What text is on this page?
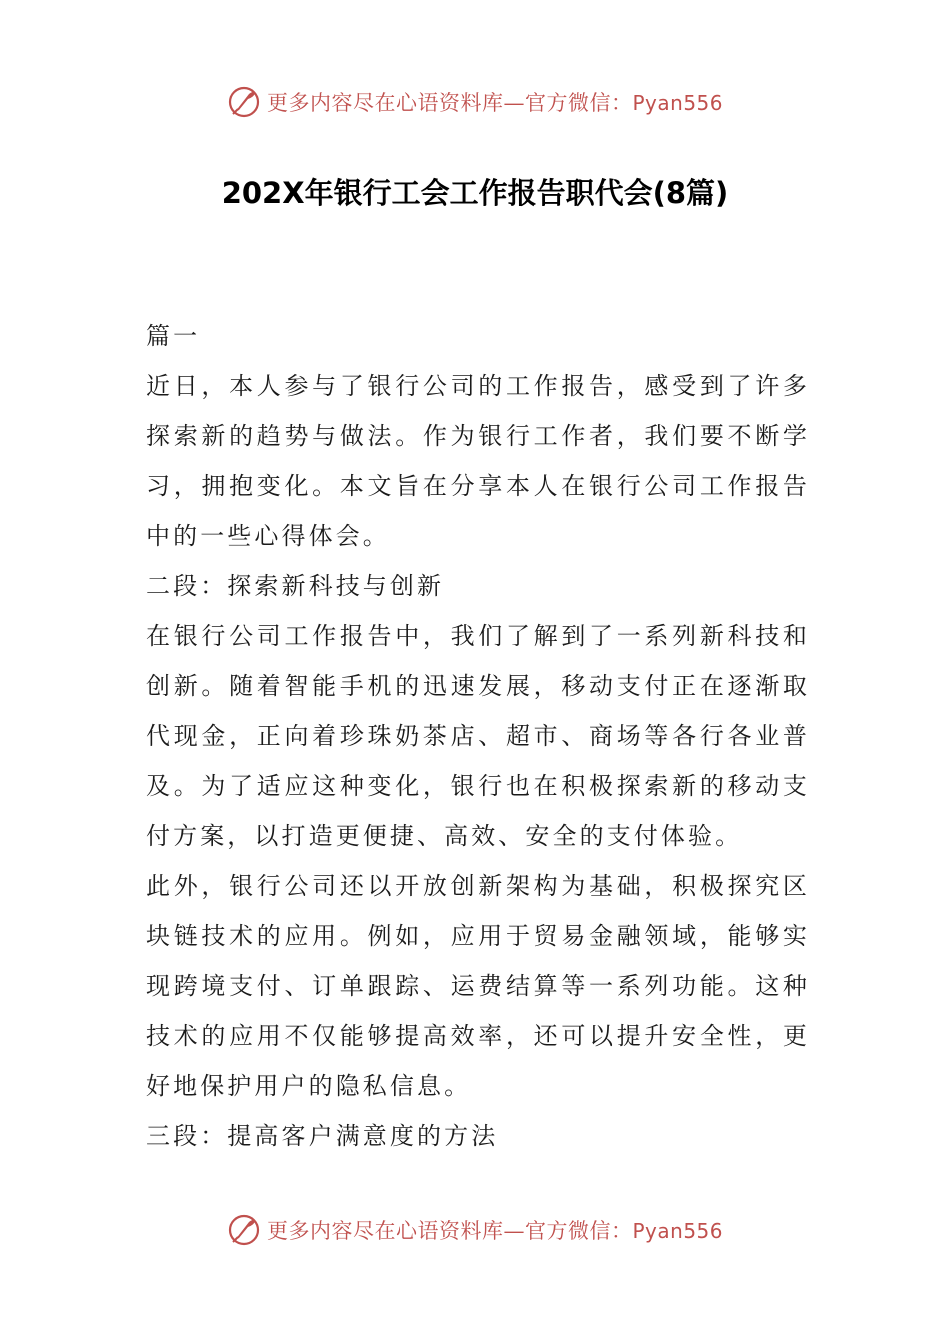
更多内容尽在心语资料库—官方微信：Pyan556
202X年银行工会工作报告职代会(8篇)

篇一

近日，本人参与了银行公司的工作报告，感受到了许多探索新的趋势与做法。作为银行工作者，我们要不断学习，拥抱变化。本文旨在分享本人在银行公司工作报告中的一些心得体会。

二段：探索新科技与创新

在银行公司工作报告中，我们了解到了一系列新科技和创新。随着智能手机的迅速发展，移动支付正在逐渐取代现金，正向着珍珠奶茶店、超市、商场等各行各业普及。为了适应这种变化，银行也在积极探索新的移动支付方案，以打造更便捷、高效、安全的支付体验。

此外，银行公司还以开放创新架构为基础，积极探究区块链技术的应用。例如，应用于贸易金融领域，能够实现跨境支付、订单跟踪、运费结算等一系列功能。这种技术的应用不仅能够提高效率，还可以提升安全性，更好地保护用户的隐私信息。

三段：提高客户满意度的方法

更多内容尽在心语资料库—官方微信：Pyan556
